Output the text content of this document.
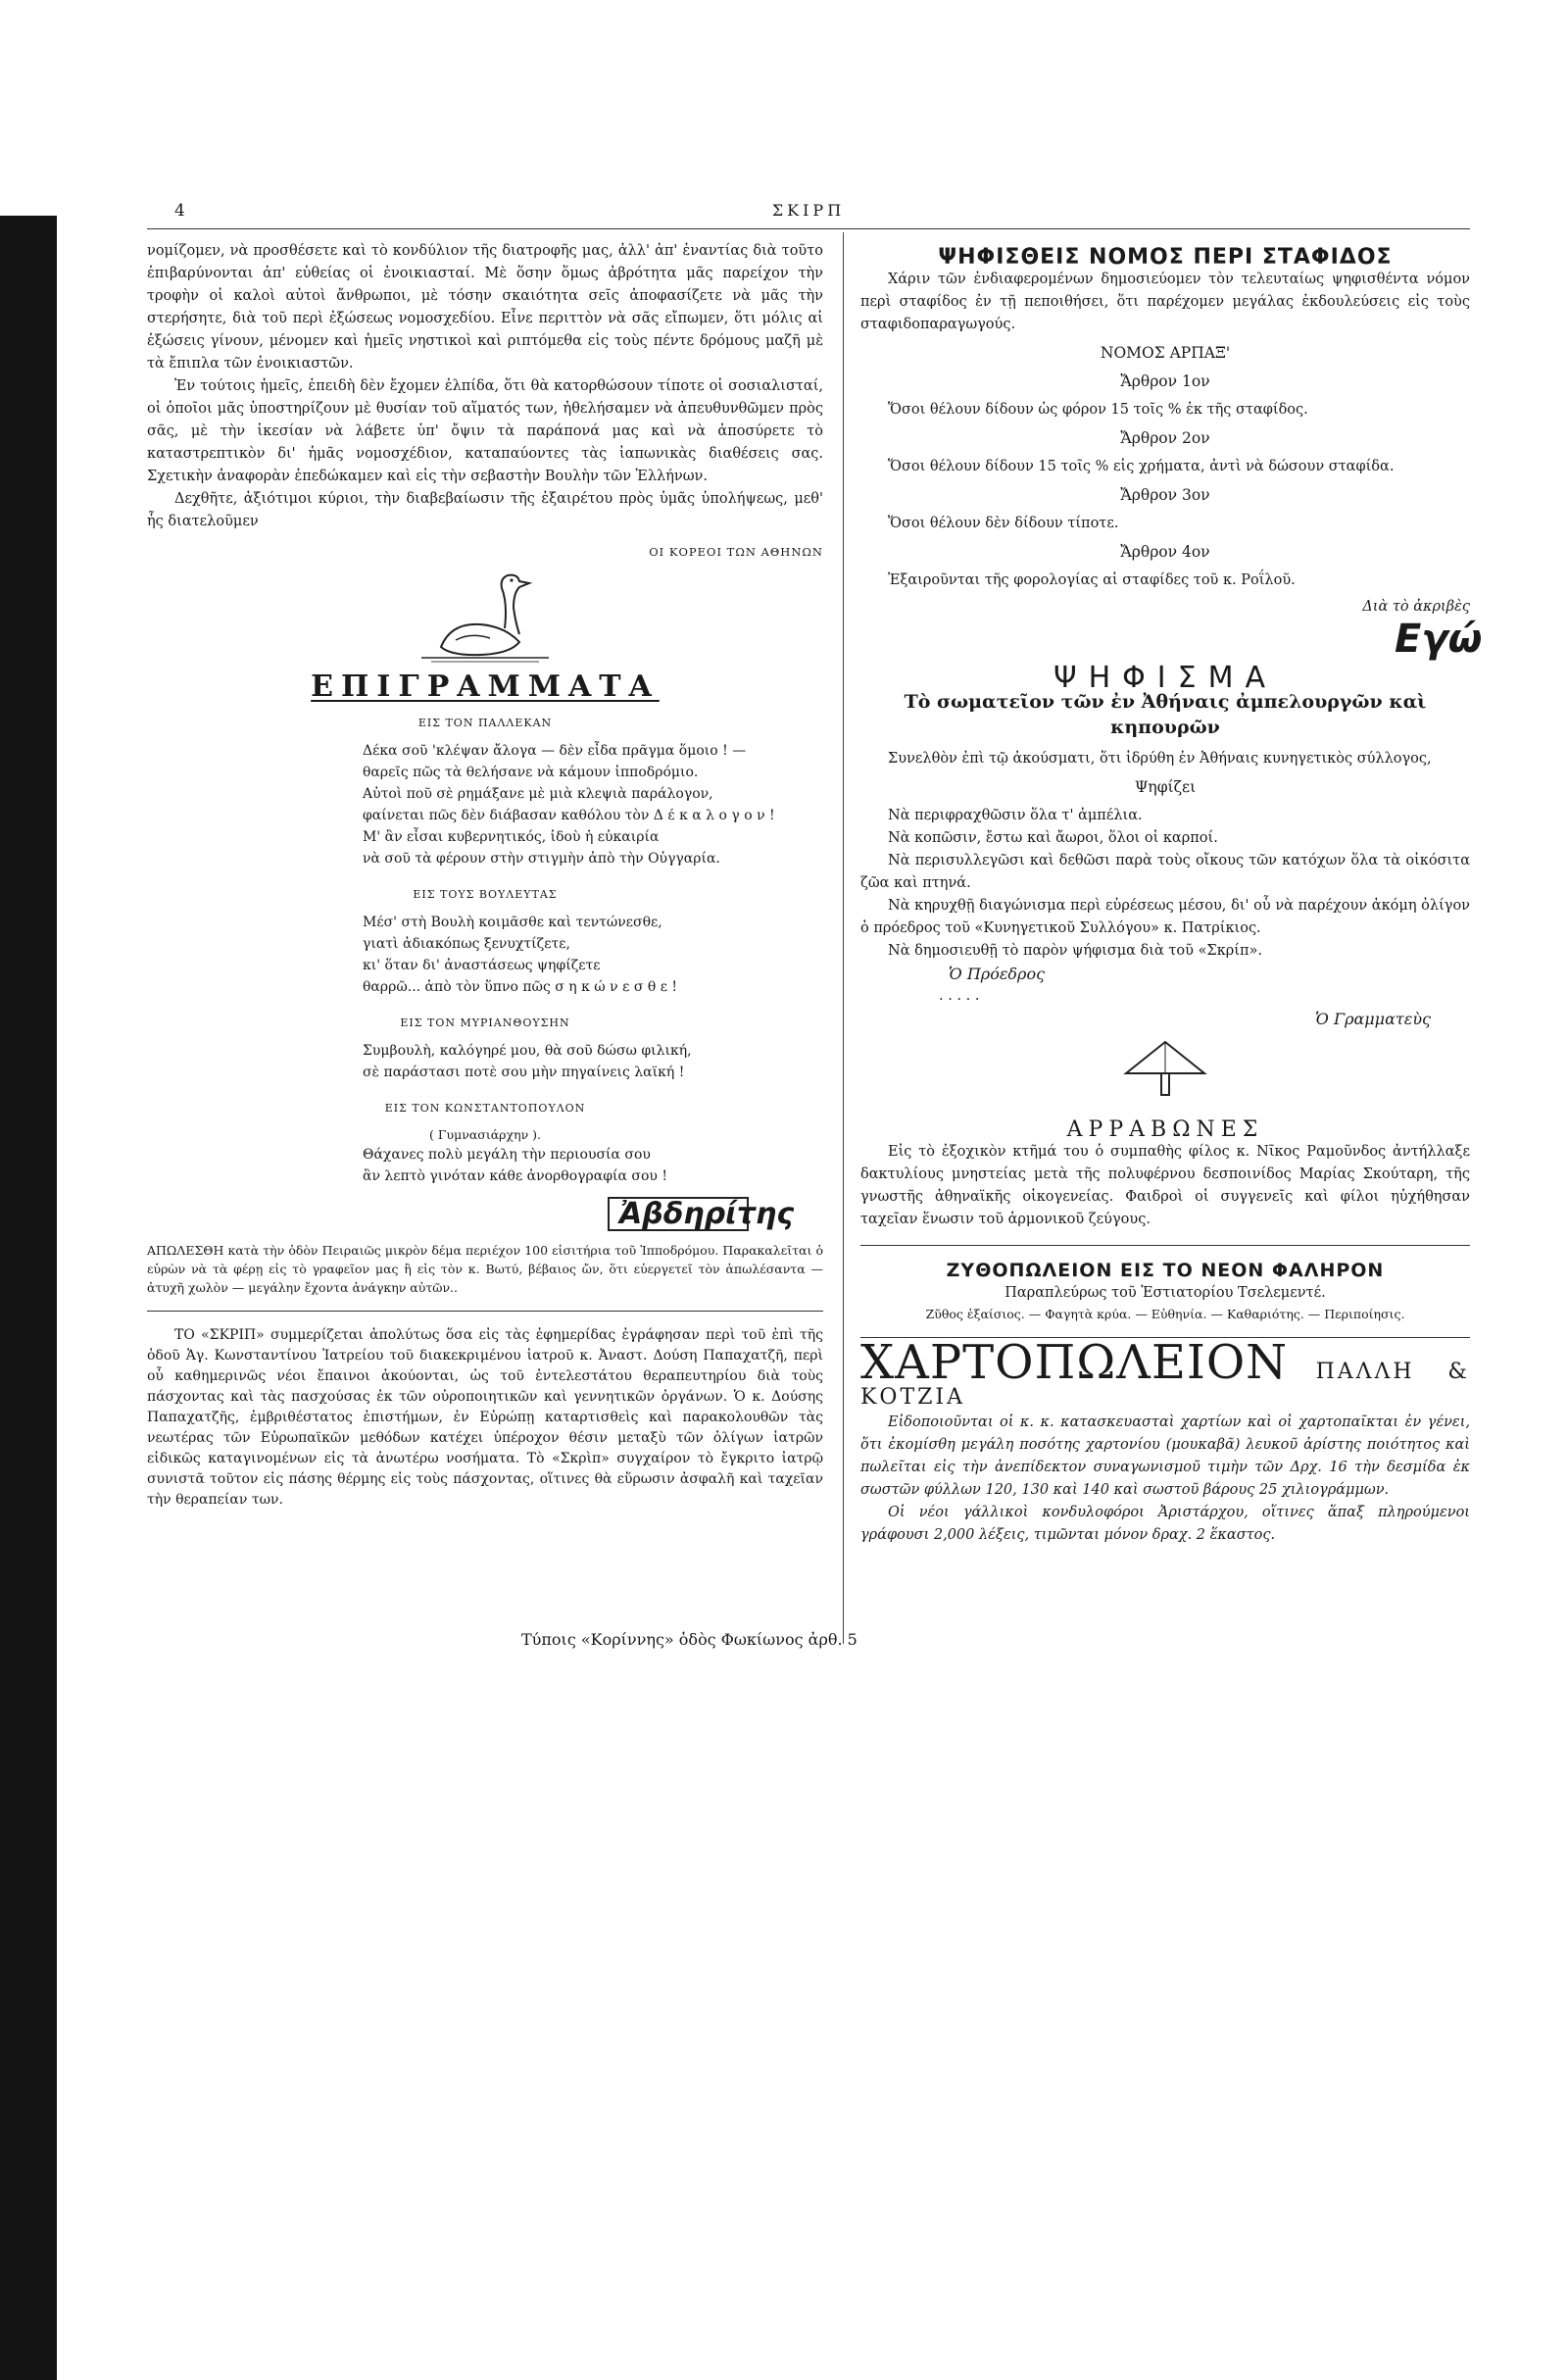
4	ΣΚΙΡΠ

νομίζομεν, νὰ προσθέσετε καὶ τὸ κονδύλιον τῆς διατροφῆς μας, ἀλλ' ἀπ' ἐναντίας διὰ τοῦτο ἐπιβαρύνονται ἀπ' εὐθείας οἱ ἐνοικιασταί. Μὲ ὅσην ὅμως ἀβρότητα μᾶς παρείχον τὴν τροφὴν οἱ καλοὶ αὐτοὶ ἄνθρωποι, μὲ τόσην σκαιότητα σεῖς ἀποφασίζετε νὰ μᾶς τὴν στερήσητε, διὰ τοῦ περὶ ἐξώσεως νομοσχεδίου. Εἶνε περιττὸν νὰ σᾶς εἴπωμεν, ὅτι μόλις αἱ ἐξώσεις γίνουν, μένομεν καὶ ἡμεῖς νηστικοὶ καὶ ριπτόμεθα εἰς τοὺς πέντε δρόμους μαζῆ μὲ τὰ ἔπιπλα τῶν ἐνοικιαστῶν.

Ἐν τούτοις ἡμεῖς, ἐπειδὴ δὲν ἔχομεν ἐλπίδα, ὅτι θὰ κατορθώσουν τίποτε οἱ σοσιαλισταί, οἱ ὁποῖοι μᾶς ὑποστηρίζουν μὲ θυσίαν τοῦ αἵματός των, ἠθελήσαμεν νὰ ἀπευθυνθῶμεν πρὸς σᾶς, μὲ τὴν ἱκεσίαν νὰ λάβετε ὑπ' ὄψιν τὰ παράπονά μας καὶ νὰ ἀποσύρετε τὸ καταστρεπτικὸν δι' ἡμᾶς νομοσχέδιον, καταπαύοντες τὰς ἰαπωνικὰς διαθέσεις σας. Σχετικὴν ἀναφορὰν ἐπεδώκαμεν καὶ εἰς τὴν σεβαστὴν Βουλὴν τῶν Ἑλλήνων.

Δεχθῆτε, ἀξιότιμοι κύριοι, τὴν διαβεβαίωσιν τῆς ἐξαιρέτου πρὸς ὑμᾶς ὑπολήψεως, μεθ' ἧς διατελοῦμεν

ΟΙ ΚΟΡΕΟΙ ΤΩΝ ΑΘΗΝΩΝ
ΕΠΙΓΡΑΜΜΑΤΑ
ΕΙΣ ΤΟΝ ΠΑΛΛΕΚΑΝ
Δέκα σοῦ 'κλέψαν ἄλογα — δὲν εἶδα πρᾶγμα ὅμοιο ! —
θαρεῖς πῶς τὰ θελήσανε νὰ κάμουν ἱπποδρόμιο.
Αὐτοὶ ποῦ σὲ ρημάξανε μὲ μιὰ κλεψιὰ παράλογον,
φαίνεται πῶς δὲν διάβασαν καθόλου τὸν Δ έ κ α λ ο γ ο ν !
Μ' ἂν εἶσαι κυβερνητικός, ἰδοὺ ἡ εὐκαιρία
νὰ σοῦ τὰ φέρουν στὴν στιγμὴν ἀπὸ τὴν Οὐγγαρία.
ΕΙΣ ΤΟΥΣ ΒΟΥΛΕΥΤΑΣ
Μέσ' στὴ Βουλὴ κοιμᾶσθε καὶ τεντώνεσθε,
γιατὶ ἀδιακόπως ξενυχτίζετε,
κι' ὅταν δι' ἀναστάσεως ψηφίζετε
θαρρῶ... ἀπὸ τὸν ὕπνο πῶς σ η κ ώ ν ε σ θ ε !
ΕΙΣ ΤΟΝ ΜΥΡΙΑΝΘΟΥΣΗΝ
Συμβουλὴ, καλόγηρέ μου, θὰ σοῦ δώσω φιλική,
σὲ παράστασι ποτὲ σου μὴν πηγαίνεις λαϊκή !
ΕΙΣ ΤΟΝ ΚΩΝΣΤΑΝΤΟΠΟΥΛΟΝ
( Γυμνασιάρχην ).
Θάχανες πολὺ μεγάλη τὴν περιουσία σου
ἂν λεπτὸ γινόταν κάθε ἀνορθογραφία σου !
Ἀβδηρίτης

ΑΠΩΛΕΣΘΗ κατὰ τὴν ὁδὸν Πειραιῶς μικρὸν δέμα περιέχον 100 εἰσιτήρια τοῦ Ἱπποδρόμου. Παρακαλεῖται ὁ εὑρὼν νὰ τὰ φέρῃ εἰς τὸ γραφεῖον μας ἢ εἰς τὸν κ. Βωτύ, βέβαιος ὤν, ὅτι εὐεργετεῖ τὸν ἀπωλέσαντα — ἀτυχῆ χωλὸν — μεγάλην ἔχοντα ἀνάγκην αὐτῶν..

ΤΟ «ΣΚΡΙΠ» συμμερίζεται ἀπολύτως ὅσα εἰς τὰς ἐφημερίδας ἐγράφησαν περὶ τοῦ ἐπὶ τῆς ὁδοῦ Ἁγ. Κωνσταντίνου Ἰατρείου τοῦ διακεκριμένου ἰατροῦ κ. Ἀναστ. Δούση Παπαχατζῆ, περὶ οὗ καθημερινῶς νέοι ἔπαινοι ἀκούονται, ὡς τοῦ ἐντελεστάτου θεραπευτηρίου διὰ τοὺς πάσχοντας καὶ τὰς πασχούσας ἐκ τῶν οὐροποιητικῶν καὶ γεννητικῶν ὀργάνων. Ὁ κ. Δούσης Παπαχατζῆς, ἐμβριθέστατος ἐπιστήμων, ἐν Εὐρώπῃ καταρτισθεὶς καὶ παρακολουθῶν τὰς νεωτέρας τῶν Εὐρωπαϊκῶν μεθόδων κατέχει ὑπέροχον θέσιν μεταξὺ τῶν ὀλίγων ἰατρῶν εἰδικῶς καταγινομένων εἰς τὰ ἀνωτέρω νοσήματα. Τὸ «Σκρὶπ» συγχαίρον τὸ ἔγκριτο ἰατρῷ συνιστᾶ τοῦτον εἰς πάσης θέρμης εἰς τοὺς πάσχοντας, οἵτινες θὰ εὕρωσιν ἀσφαλῆ καὶ ταχεῖαν τὴν θεραπείαν των.

ΨΗΦΙΣΘΕΙΣ ΝΟΜΟΣ ΠΕΡΙ ΣΤΑΦΙΔΟΣ

Χάριν τῶν ἐνδιαφερομένων δημοσιεύομεν τὸν τελευταίως ψηφισθέντα νόμον περὶ σταφίδος ἐν τῇ πεποιθήσει, ὅτι παρέχομεν μεγάλας ἐκδουλεύσεις εἰς τοὺς σταφιδοπαραγωγούς.

ΝΟΜΟΣ ΑΡΠΑΞ'
Ἄρθρον 1ον

Ὅσοι θέλουν δίδουν ὡς φόρον 15 τοῖς % ἐκ τῆς σταφίδος.

Ἄρθρον 2ον

Ὅσοι θέλουν δίδουν 15 τοῖς % εἰς χρήματα, ἀντὶ νὰ δώσουν σταφίδα.

Ἄρθρον 3ον

Ὅσοι θέλουν δὲν δίδουν τίποτε.

Ἄρθρον 4ον

Ἐξαιροῦνται τῆς φορολογίας αἱ σταφίδες τοῦ κ. Ροΐλοῦ.

Διὰ τὸ ἀκριβὲς
Εγώ
ΨΗΦΙΣΜΑ
Τὸ σωματεῖον τῶν ἐν Ἀθήναις ἀμπελουργῶν καὶ κηπουρῶν

Συνελθὸν ἐπὶ τῷ ἀκούσματι, ὅτι ἱδρύθη ἐν Ἀθήναις κυνηγετικὸς σύλλογος,

Ψηφίζει

Νὰ περιφραχθῶσιν ὅλα τ' ἀμπέλια.

Νὰ κοπῶσιν, ἔστω καὶ ἄωροι, ὅλοι οἱ καρποί.

Νὰ περισυλλεγῶσι καὶ δεθῶσι παρὰ τοὺς οἴκους τῶν κατόχων ὅλα τὰ οἰκόσιτα ζῶα καὶ πτηνά.

Νὰ κηρυχθῇ διαγώνισμα περὶ εὑρέσεως μέσου, δι' οὗ νὰ παρέχουν ἀκόμη ὀλίγον ὁ πρόεδρος τοῦ «Κυνηγετικοῦ Συλλόγου» κ. Πατρίκιος.

Νὰ δημοσιευθῇ τὸ παρὸν ψήφισμα διὰ τοῦ «Σκρίπ».

Ὁ Πρόεδρος
. . . . .
Ὁ Γραμματεὺς
ΑΡΡΑΒΩΝΕΣ

Εἰς τὸ ἐξοχικὸν κτῆμά του ὁ συμπαθὴς φίλος κ. Νῖκος Ραμοῦνδος ἀντήλλαξε δακτυλίους μνηστείας μετὰ τῆς πολυφέρνου δεσποινίδος Μαρίας Σκούταρη, τῆς γνωστῆς ἀθηναϊκῆς οἰκογενείας. Φαιδροὶ οἱ συγγενεῖς καὶ φίλοι ηὐχήθησαν ταχεῖαν ἕνωσιν τοῦ ἁρμονικοῦ ζεύγους.

ΖΥΘΟΠΩΛΕΙΟΝ ΕΙΣ ΤΟ ΝΕΟΝ ΦΑΛΗΡΟΝ
Παραπλεύρως τοῦ Ἑστιατορίου Τσελεμεντέ.
Ζῦθος ἐξαίσιος. — Φαγητὰ κρύα. — Εὐθηνία. — Καθαριότης. — Περιποίησις.
ΧΑΡΤΟΠΩΛΕΙΟΝ ΠΑΛΛΗ & ΚΟΤΖΙΑ

Εἰδοποιοῦνται οἱ κ. κ. κατασκευασταὶ χαρτίων καὶ οἱ χαρτοπαῖκται ἐν γένει, ὅτι ἐκομίσθη μεγάλη ποσότης χαρτονίου (μουκαβᾶ) λευκοῦ ἀρίστης ποιότητος καὶ πωλεῖται εἰς τὴν ἀνεπίδεκτον συναγωνισμοῦ τιμὴν τῶν Δρχ. 16 τὴν δεσμίδα ἐκ σωστῶν φύλλων 120, 130 καὶ 140 καὶ σωστοῦ βάρους 25 χιλιογράμμων.

Οἱ νέοι γάλλικοὶ κονδυλοφόροι Ἀριστάρχου, οἵτινες ἅπαξ πληρούμενοι γράφουσι 2,000 λέξεις, τιμῶνται μόνον δραχ. 2 ἕκαστος.

Τύποις «Κορίννης» ὁδὸς Φωκίωνος ἀρθ. 5
